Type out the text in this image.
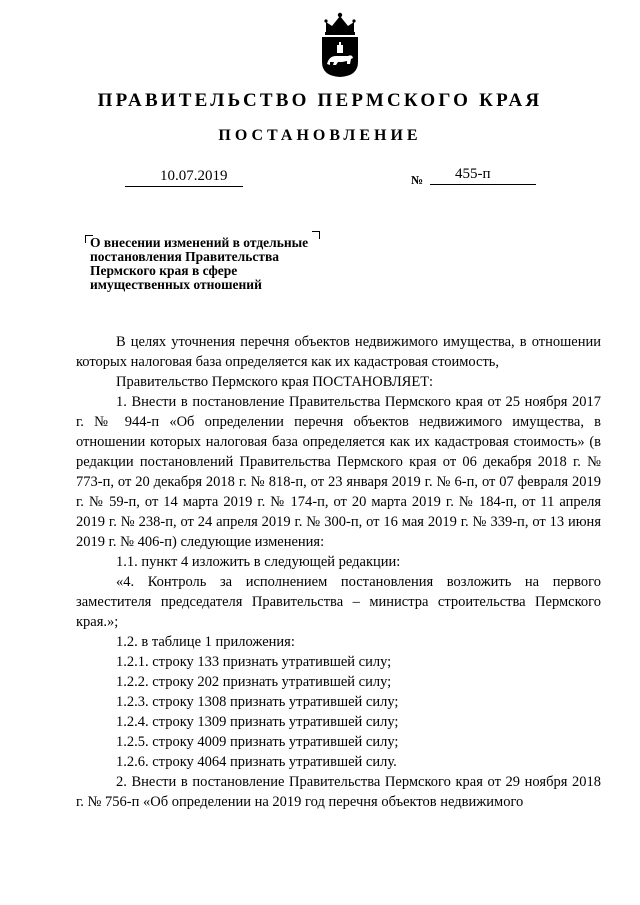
ПРАВИТЕЛЬСТВО ПЕРМСКОГО КРАЯ
ПОСТАНОВЛЕНИЕ
10.07.2019	№ 455-п
О внесении изменений в отдельные
постановления Правительства
Пермского края в сфере
имущественных отношений

В целях уточнения перечня объектов недвижимого имущества, в отношении которых налоговая база определяется как их кадастровая стоимость,

Правительство Пермского края ПОСТАНОВЛЯЕТ:

1. Внести в постановление Правительства Пермского края от 25 ноября 2017 г. № 944-п «Об определении перечня объектов недвижимого имущества, в отношении которых налоговая база определяется как их кадастровая стоимость» (в редакции постановлений Правительства Пермского края от 06 декабря 2018 г. № 773-п, от 20 декабря 2018 г. № 818-п, от 23 января 2019 г. № 6-п, от 07 февраля 2019 г. № 59-п, от 14 марта 2019 г. № 174-п, от 20 марта 2019 г. № 184-п, от 11 апреля 2019 г. № 238-п, от 24 апреля 2019 г. № 300-п, от 16 мая 2019 г. № 339-п, от 13 июня 2019 г. № 406-п) следующие изменения:

1.1. пункт 4 изложить в следующей редакции:

«4. Контроль за исполнением постановления возложить на первого заместителя председателя Правительства – министра строительства Пермского края.»;

1.2. в таблице 1 приложения:

1.2.1. строку 133 признать утратившей силу;

1.2.2. строку 202 признать утратившей силу;

1.2.3. строку 1308 признать утратившей силу;

1.2.4. строку 1309 признать утратившей силу;

1.2.5. строку 4009 признать утратившей силу;

1.2.6. строку 4064 признать утратившей силу.

2. Внести в постановление Правительства Пермского края от 29 ноября 2018 г. № 756-п «Об определении на 2019 год перечня объектов недвижимого
